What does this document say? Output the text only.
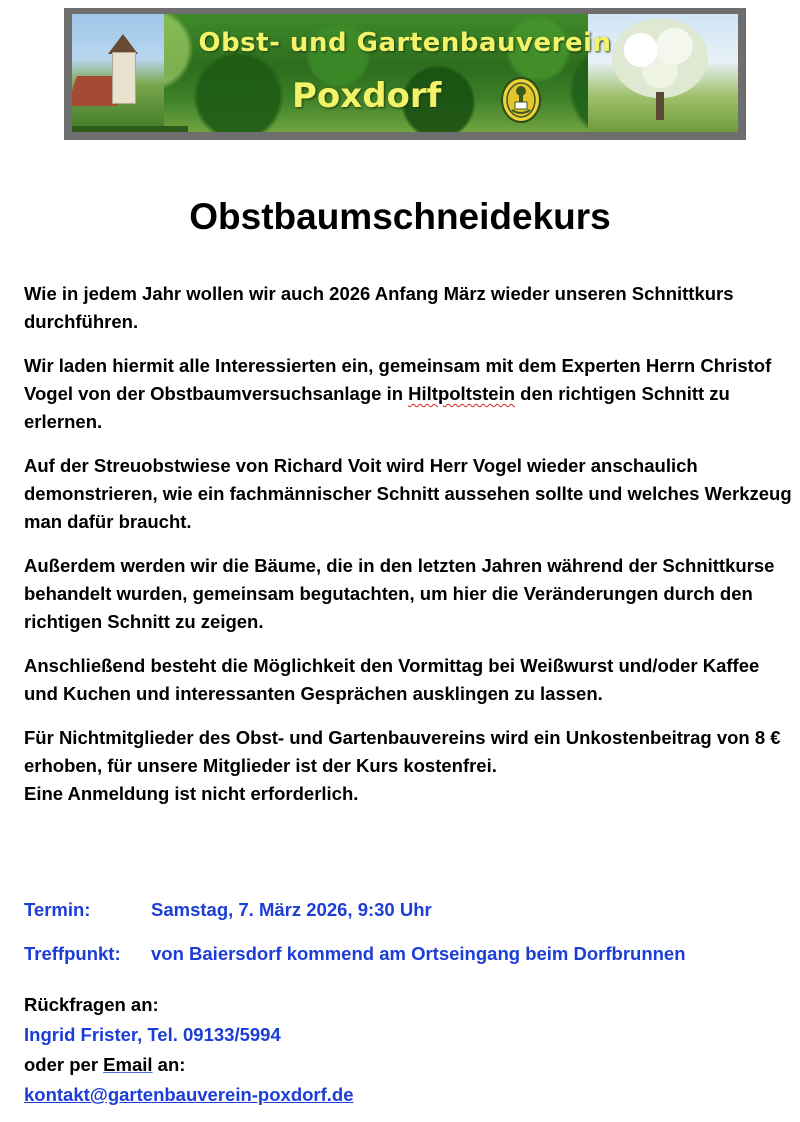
Obst- und Gartenbauverein
Poxdorf
Obstbaumschneidekurs

Wie in jedem Jahr wollen wir auch 2026 Anfang März wieder unseren Schnittkurs durchführen.

Wir laden hiermit alle Interessierten ein, gemeinsam mit dem Experten Herrn Christof Vogel von der Obstbaumversuchsanlage in Hiltpoltstein den richtigen Schnitt zu erlernen.

Auf der Streuobstwiese von Richard Voit wird Herr Vogel wieder anschaulich demonstrieren, wie ein fachmännischer Schnitt aussehen sollte und welches Werkzeug man dafür braucht.

Außerdem werden wir die Bäume, die in den letzten Jahren während der Schnittkurse behandelt wurden, gemeinsam begutachten, um hier die Veränderungen durch den richtigen Schnitt zu zeigen.

Anschließend besteht die Möglichkeit den Vormittag bei Weißwurst und/oder Kaffee und Kuchen und interessanten Gesprächen ausklingen zu lassen.

Für Nichtmitglieder des Obst- und Gartenbauvereins wird ein Unkostenbeitrag von 8 € erhoben, für unsere Mitglieder ist der Kurs kostenfrei.

Eine Anmeldung ist nicht erforderlich.

Termin:	Samstag, 7. März 2026, 9:30 Uhr
Treffpunkt: von Baiersdorf kommend am Ortseingang beim Dorfbrunnen
Rückfragen an:
Ingrid Frister, Tel. 09133/5994
oder per Email an:
kontakt@gartenbauverein-poxdorf.de
